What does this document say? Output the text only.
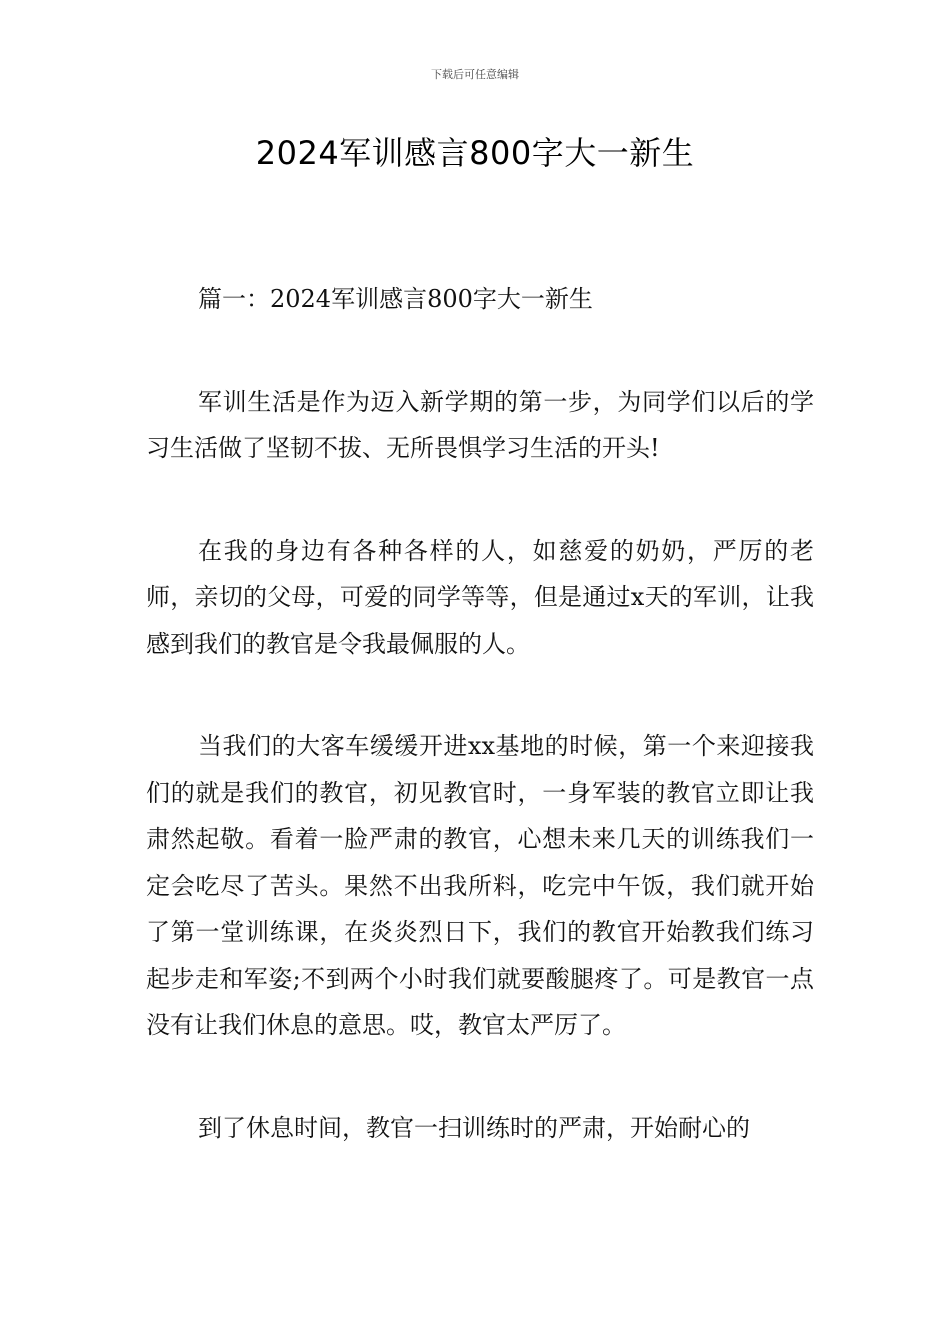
下载后可任意编辑
2024军训感言800字大一新生

篇一：2024军训感言800字大一新生

军训生活是作为迈入新学期的第一步，为同学们以后的学习生活做了坚韧不拔、无所畏惧学习生活的开头!

在我的身边有各种各样的人，如慈爱的奶奶，严厉的老师，亲切的父母，可爱的同学等等，但是通过x天的军训，让我感到我们的教官是令我最佩服的人。

当我们的大客车缓缓开进xx基地的时候，第一个来迎接我们的就是我们的教官，初见教官时，一身军装的教官立即让我肃然起敬。看着一脸严肃的教官，心想未来几天的训练我们一定会吃尽了苦头。果然不出我所料，吃完中午饭，我们就开始了第一堂训练课，在炎炎烈日下，我们的教官开始教我们练习起步走和军姿;不到两个小时我们就要酸腿疼了。可是教官一点没有让我们休息的意思。哎，教官太严厉了。

到了休息时间，教官一扫训练时的严肃，开始耐心的
